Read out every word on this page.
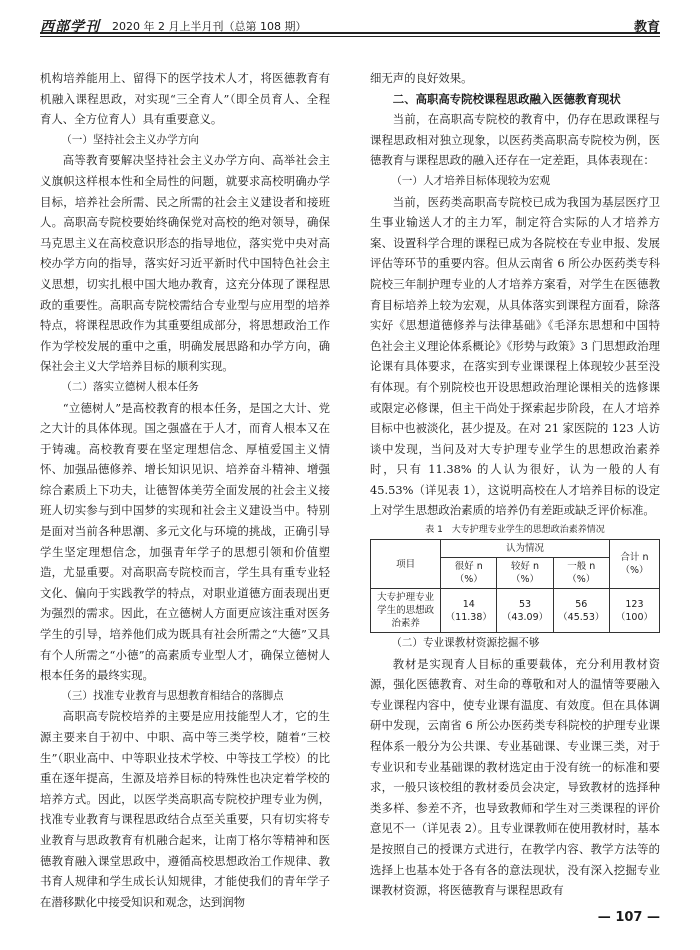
西部学刊 2020 年 2 月上半月刊（总第 108 期）	教育

机构培养能用上、留得下的医学技术人才，将医德教育有机融入课程思政，对实现“三全育人”（即全员育人、全程育人、全方位育人）具有重要意义。

（一）坚持社会主义办学方向

高等教育要解决坚持社会主义办学方向、高举社会主义旗帜这样根本性和全局性的问题，就要求高校明确办学目标，培养社会所需、民之所需的社会主义建设者和接班人。高职高专院校要始终确保党对高校的绝对领导，确保马克思主义在高校意识形态的指导地位，落实党中央对高校办学方向的指导，落实好习近平新时代中国特色社会主义思想，切实扎根中国大地办教育，这充分体现了课程思政的重要性。高职高专院校需结合专业型与应用型的培养特点，将课程思政作为其重要组成部分，将思想政治工作作为学校发展的重中之重，明确发展思路和办学方向，确保社会主义大学培养目标的顺利实现。

（二）落实立德树人根本任务

“立德树人”是高校教育的根本任务，是国之大计、党之大计的具体体现。国之强盛在于人才，而育人根本又在于铸魂。高校教育要在坚定理想信念、厚植爱国主义情怀、加强品德修养、增长知识见识、培养奋斗精神、增强综合素质上下功夫，让德智体美劳全面发展的社会主义接班人切实参与到中国梦的实现和社会主义建设当中。特别是面对当前各种思潮、多元文化与环境的挑战，正确引导学生坚定理想信念，加强青年学子的思想引领和价值塑造，尤显重要。对高职高专院校而言，学生具有重专业轻文化、偏向于实践教学的特点，对职业道德方面表现出更为强烈的需求。因此，在立德树人方面更应该注重对医务学生的引导，培养他们成为既具有社会所需之“大德”又具有个人所需之“小德”的高素质专业型人才，确保立德树人根本任务的最终实现。

（三）找准专业教育与思想教育相结合的落脚点

高职高专院校培养的主要是应用技能型人才，它的生源主要来自于初中、中职、高中等三类学校，随着“三校生”（职业高中、中等职业技术学校、中等技工学校）的比重在逐年提高，生源及培养目标的特殊性也决定着学校的培养方式。因此，以医学类高职高专院校护理专业为例，找准专业教育与课程思政结合点至关重要，只有切实将专业教育与思政教育有机融合起来，让南丁格尔等精神和医德教育融入课堂思政中，遵循高校思想政治工作规律、教书育人规律和学生成长认知规律，才能使我们的青年学子在潜移默化中接受知识和观念，达到润物

细无声的良好效果。

二、高职高专院校课程思政融入医德教育现状

当前，在高职高专院校的教育中，仍存在思政课程与课程思政相对独立现象，以医药类高职高专院校为例，医德教育与课程思政的融入还存在一定差距，具体表现在：

（一）人才培养目标体现较为宏观

当前，医药类高职高专院校已成为我国为基层医疗卫生事业输送人才的主力军，制定符合实际的人才培养方案、设置科学合理的课程已成为各院校在专业申报、发展评估等环节的重要内容。但从云南省 6 所公办医药类专科院校三年制护理专业的人才培养方案看，对学生在医德教育目标培养上较为宏观，从具体落实到课程方面看，除落实好《思想道德修养与法律基础》《毛泽东思想和中国特色社会主义理论体系概论》《形势与政策》3 门思想政治理论课有具体要求，在落实到专业课课程上体现较少甚至没有体现。有个别院校也开设思想政治理论课相关的选修课或限定必修课，但主干尚处于探索起步阶段，在人才培养目标中也被淡化，甚少提及。在对 21 家医院的 123 人访谈中发现，当问及对大专护理专业学生的思想政治素养时，只有 11.38% 的人认为很好，认为一般的人有 45.53%（详见表 1），这说明高校在人才培养目标的设定上对学生思想政治素质的培养仍有差距或缺乏评价标准。

表 1　大专护理专业学生的思想政治素养情况
项目	认为情况			合计 n（%）
	很好 n（%）	较好 n（%）	一般 n（%）	
大专护理专业学生的思想政治素养	14（11.38）	53（43.09）	56（45.53）	123（100）

（二）专业课教材资源挖掘不够

教材是实现育人目标的重要载体，充分利用教材资源，强化医德教育、对生命的尊敬和对人的温情等要融入专业课程内容中，使专业课有温度、有效度。但在具体调研中发现，云南省 6 所公办医药类专科院校的护理专业课程体系一般分为公共课、专业基础课、专业课三类，对于专业识和专业基础课的教材选定由于没有统一的标准和要求，一般只该校组的教材委员会决定，导致教材的选择种类多样、参差不齐，也导致教师和学生对三类课程的评价意见不一（详见表 2）。且专业课教师在使用教材时，基本是按照自己的授课方式进行，在教学内容、教学方法等的选择上也基本处于各有各的意法现状，没有深入挖掘专业课教材资源，将医德教育与课程思政有

— 107 —
